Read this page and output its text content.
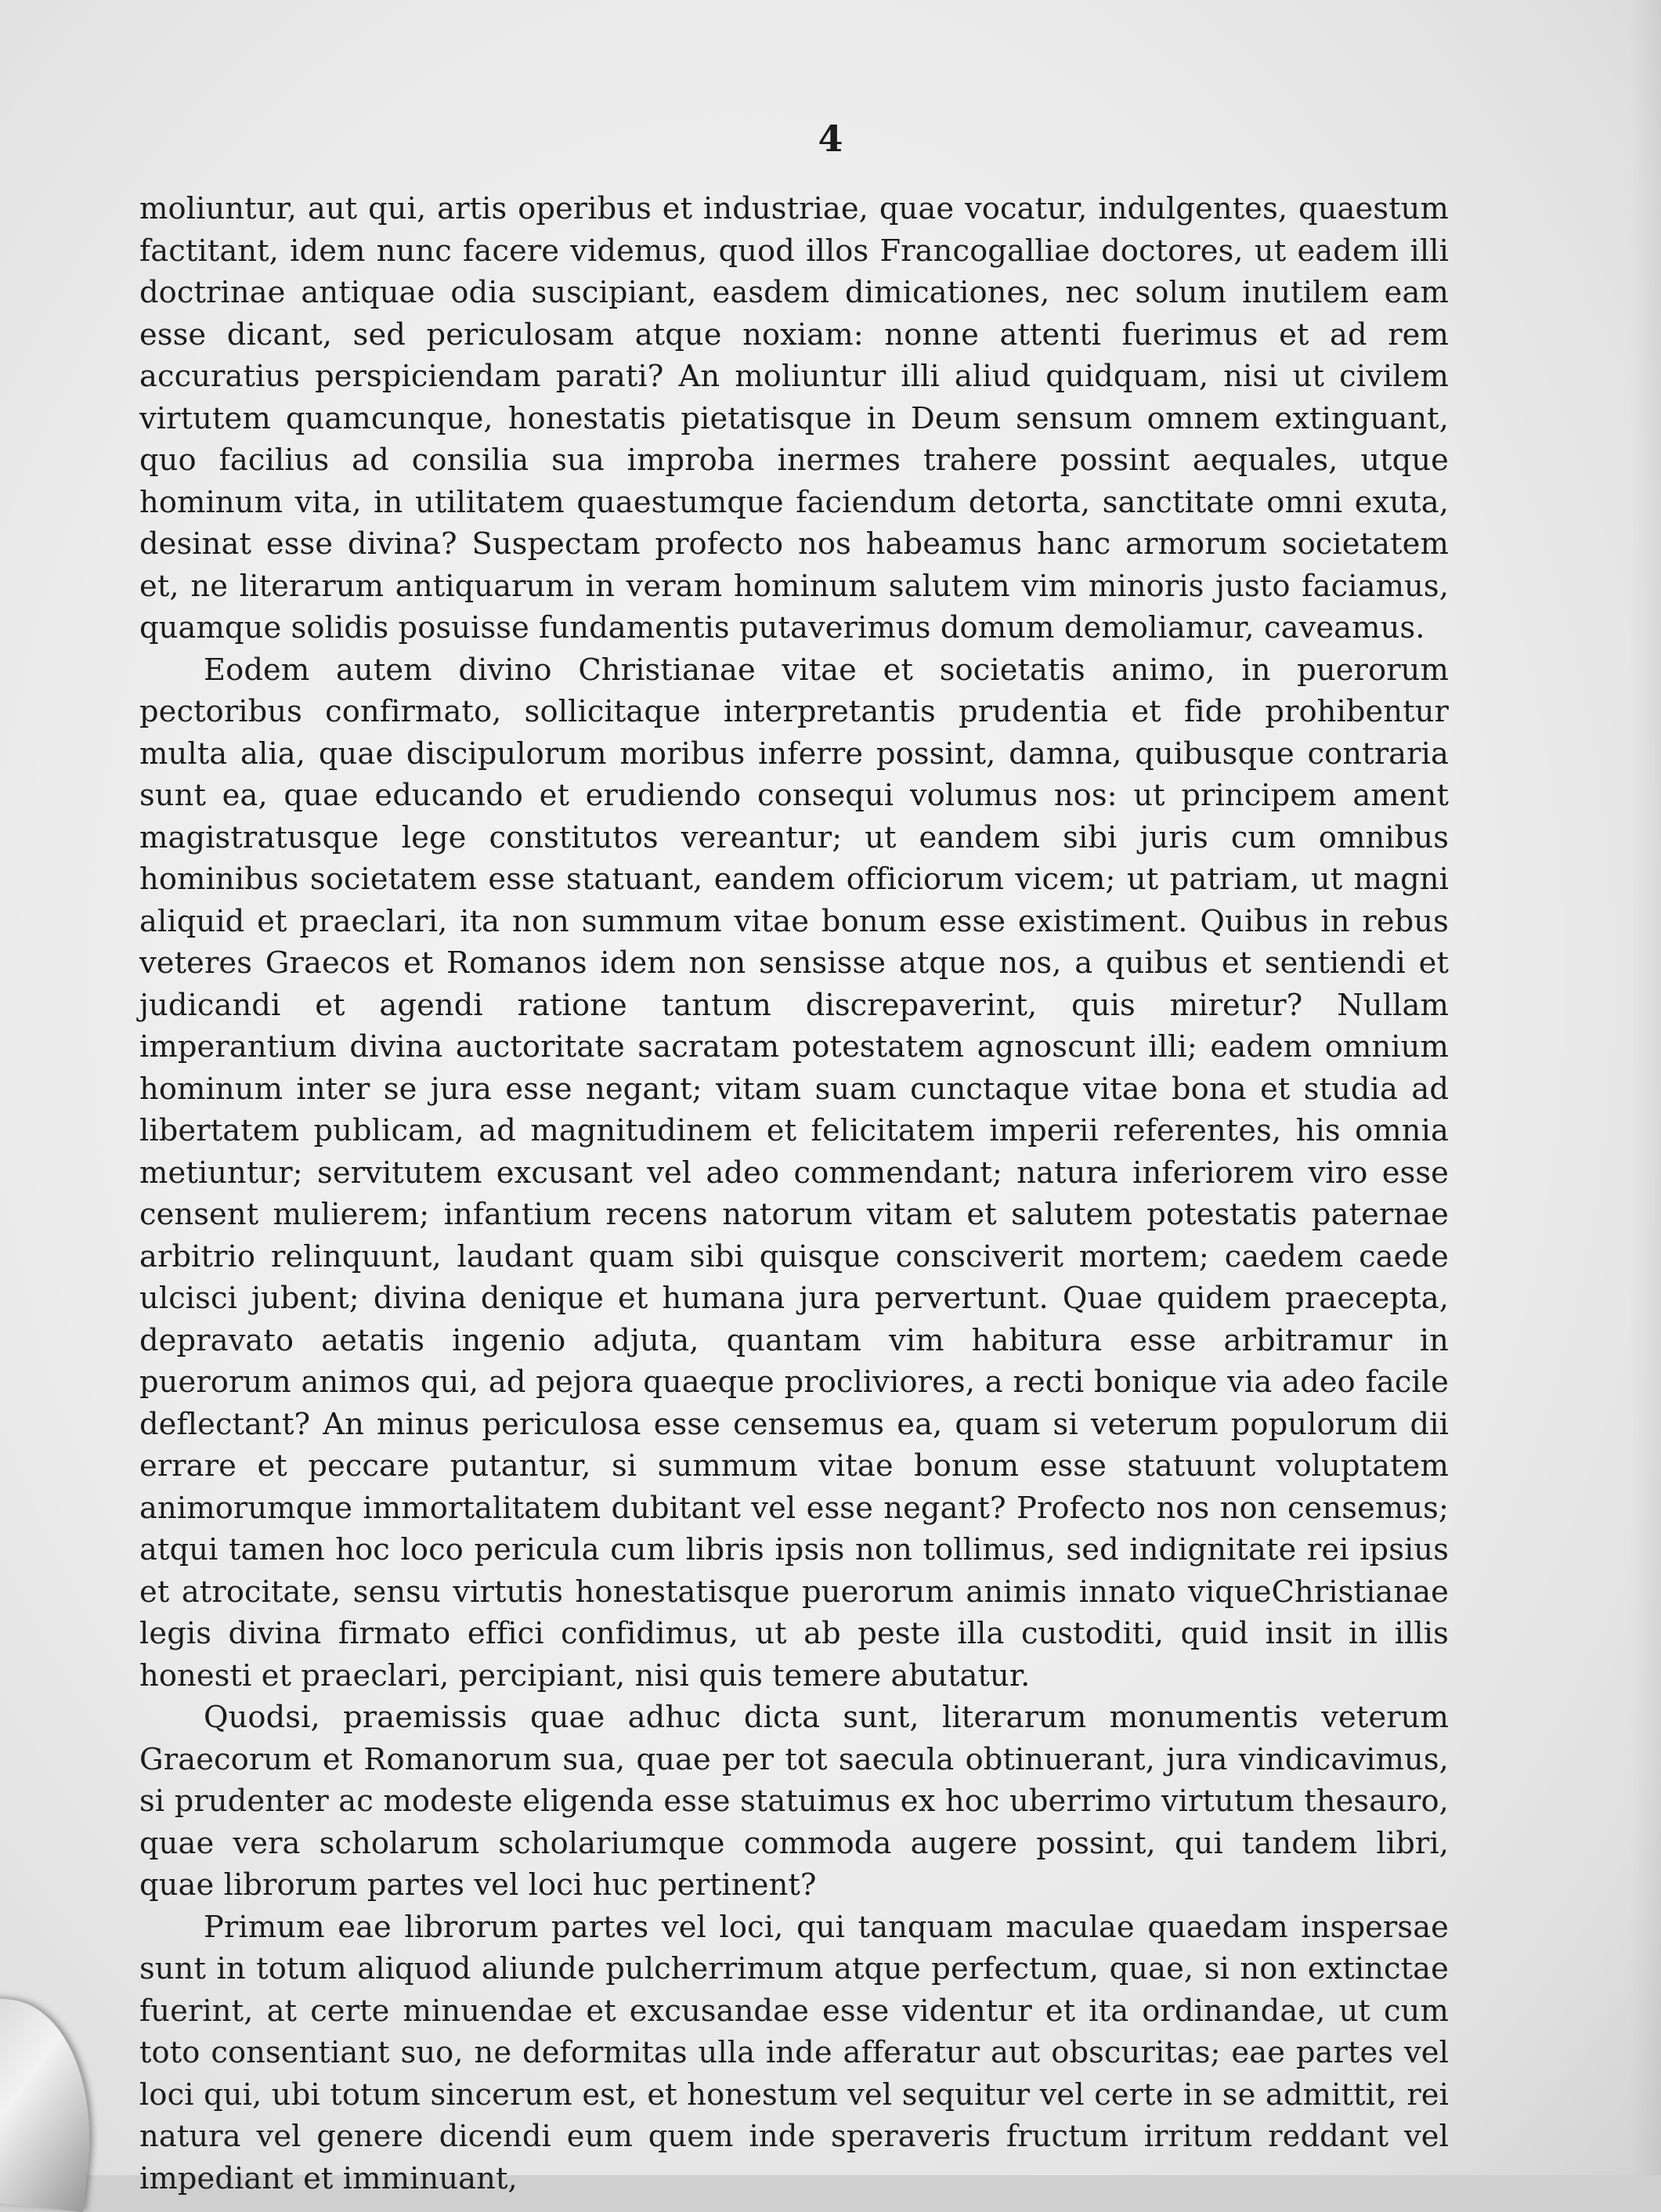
4

moliuntur, aut qui, artis operibus et industriae, quae vocatur, indulgentes, quaestum factitant, idem nunc facere videmus, quod illos Francogalliae doctores, ut eadem illi doctrinae antiquae odia suscipiant, easdem dimicationes, nec solum inutilem eam esse dicant, sed periculosam atque noxiam: nonne attenti fuerimus et ad rem accuratius perspiciendam parati? An moliuntur illi aliud quidquam, nisi ut civilem virtutem quamcunque, honestatis pietatisque in Deum sensum omnem extinguant, quo facilius ad consilia sua improba inermes trahere possint aequales, utque hominum vita, in utilitatem quaestumque faciendum detorta, sanctitate omni exuta, desinat esse divina? Suspectam profecto nos habeamus hanc armorum societatem et, ne literarum antiquarum in veram hominum salutem vim minoris justo faciamus, quamque solidis posuisse fundamentis putaverimus domum demoliamur, caveamus.

Eodem autem divino Christianae vitae et societatis animo, in puerorum pectoribus confirmato, sollicitaque interpretantis prudentia et fide prohibentur multa alia, quae discipulorum moribus inferre possint, damna, quibusque contraria sunt ea, quae educando et erudiendo consequi volumus nos: ut principem ament magistratusque lege constitutos vereantur; ut eandem sibi juris cum omnibus hominibus societatem esse statuant, eandem officiorum vicem; ut patriam, ut magni aliquid et praeclari, ita non summum vitae bonum esse existiment. Quibus in rebus veteres Graecos et Romanos idem non sensisse atque nos, a quibus et sentiendi et judicandi et agendi ratione tantum discrepaverint, quis miretur? Nullam imperantium divina auctoritate sacratam potestatem agnoscunt illi; eadem omnium hominum inter se jura esse negant; vitam suam cunctaque vitae bona et studia ad libertatem publicam, ad magnitudinem et felicitatem imperii referentes, his omnia metiuntur; servitutem excusant vel adeo commendant; natura inferiorem viro esse censent mulierem; infantium recens natorum vitam et salutem potestatis paternae arbitrio relinquunt, laudant quam sibi quisque consciverit mortem; caedem caede ulcisci jubent; divina denique et humana jura pervertunt. Quae quidem praecepta, depravato aetatis ingenio adjuta, quantam vim habitura esse arbitramur in puerorum animos qui, ad pejora quaeque procliviores, a recti bonique via adeo facile deflectant? An minus periculosa esse censemus ea, quam si veterum populorum dii errare et peccare putantur, si summum vitae bonum esse statuunt voluptatem animorumque immortalitatem dubitant vel esse negant? Profecto nos non censemus; atqui tamen hoc loco pericula cum libris ipsis non tollimus, sed indignitate rei ipsius et atrocitate, sensu virtutis honestatisque puerorum animis innato viqueChristianae legis divina firmato effici confidimus, ut ab peste illa custoditi, quid insit in illis honesti et praeclari, percipiant, nisi quis temere abutatur.

Quodsi, praemissis quae adhuc dicta sunt, literarum monumentis veterum Graecorum et Romanorum sua, quae per tot saecula obtinuerant, jura vindicavimus, si prudenter ac modeste eligenda esse statuimus ex hoc uberrimo virtutum thesauro, quae vera scholarum scholariumque commoda augere possint, qui tandem libri, quae librorum partes vel loci huc pertinent?

Primum eae librorum partes vel loci, qui tanquam maculae quaedam inspersae sunt in totum aliquod aliunde pulcherrimum atque perfectum, quae, si non extinctae fuerint, at certe minuendae et excusandae esse videntur et ita ordinandae, ut cum toto consentiant suo, ne deformitas ulla inde afferatur aut obscuritas; eae partes vel loci qui, ubi totum sincerum est, et honestum vel sequitur vel certe in se admittit, rei natura vel genere dicendi eum quem inde speraveris fructum irritum reddant vel impediant et imminuant,
